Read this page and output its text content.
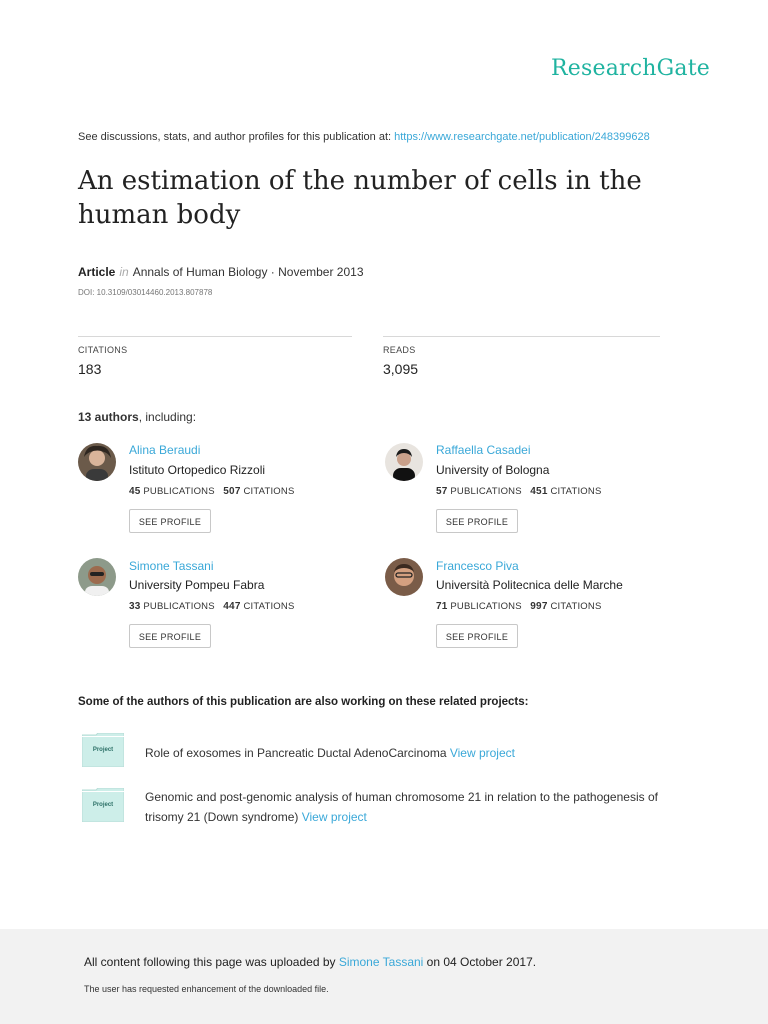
ResearchGate
See discussions, stats, and author profiles for this publication at: https://www.researchgate.net/publication/248399628
An estimation of the number of cells in the human body
Article in Annals of Human Biology · November 2013
DOI: 10.3109/03014460.2013.807878
CITATIONS
183
READS
3,095
13 authors, including:
Alina Beraudi
Istituto Ortopedico Rizzoli
45 PUBLICATIONS 507 CITATIONS
SEE PROFILE
Raffaella Casadei
University of Bologna
57 PUBLICATIONS 451 CITATIONS
SEE PROFILE
Simone Tassani
University Pompeu Fabra
33 PUBLICATIONS 447 CITATIONS
SEE PROFILE
Francesco Piva
Università Politecnica delle Marche
71 PUBLICATIONS 997 CITATIONS
SEE PROFILE
Some of the authors of this publication are also working on these related projects:
Project	Role of exosomes in Pancreatic Ductal AdenoCarcinoma View project
Project
Genomic and post-genomic analysis of human chromosome 21 in relation to the pathogenesis of
trisomy 21 (Down syndrome) View project
All content following this page was uploaded by Simone Tassani on 04 October 2017.
The user has requested enhancement of the downloaded file.
